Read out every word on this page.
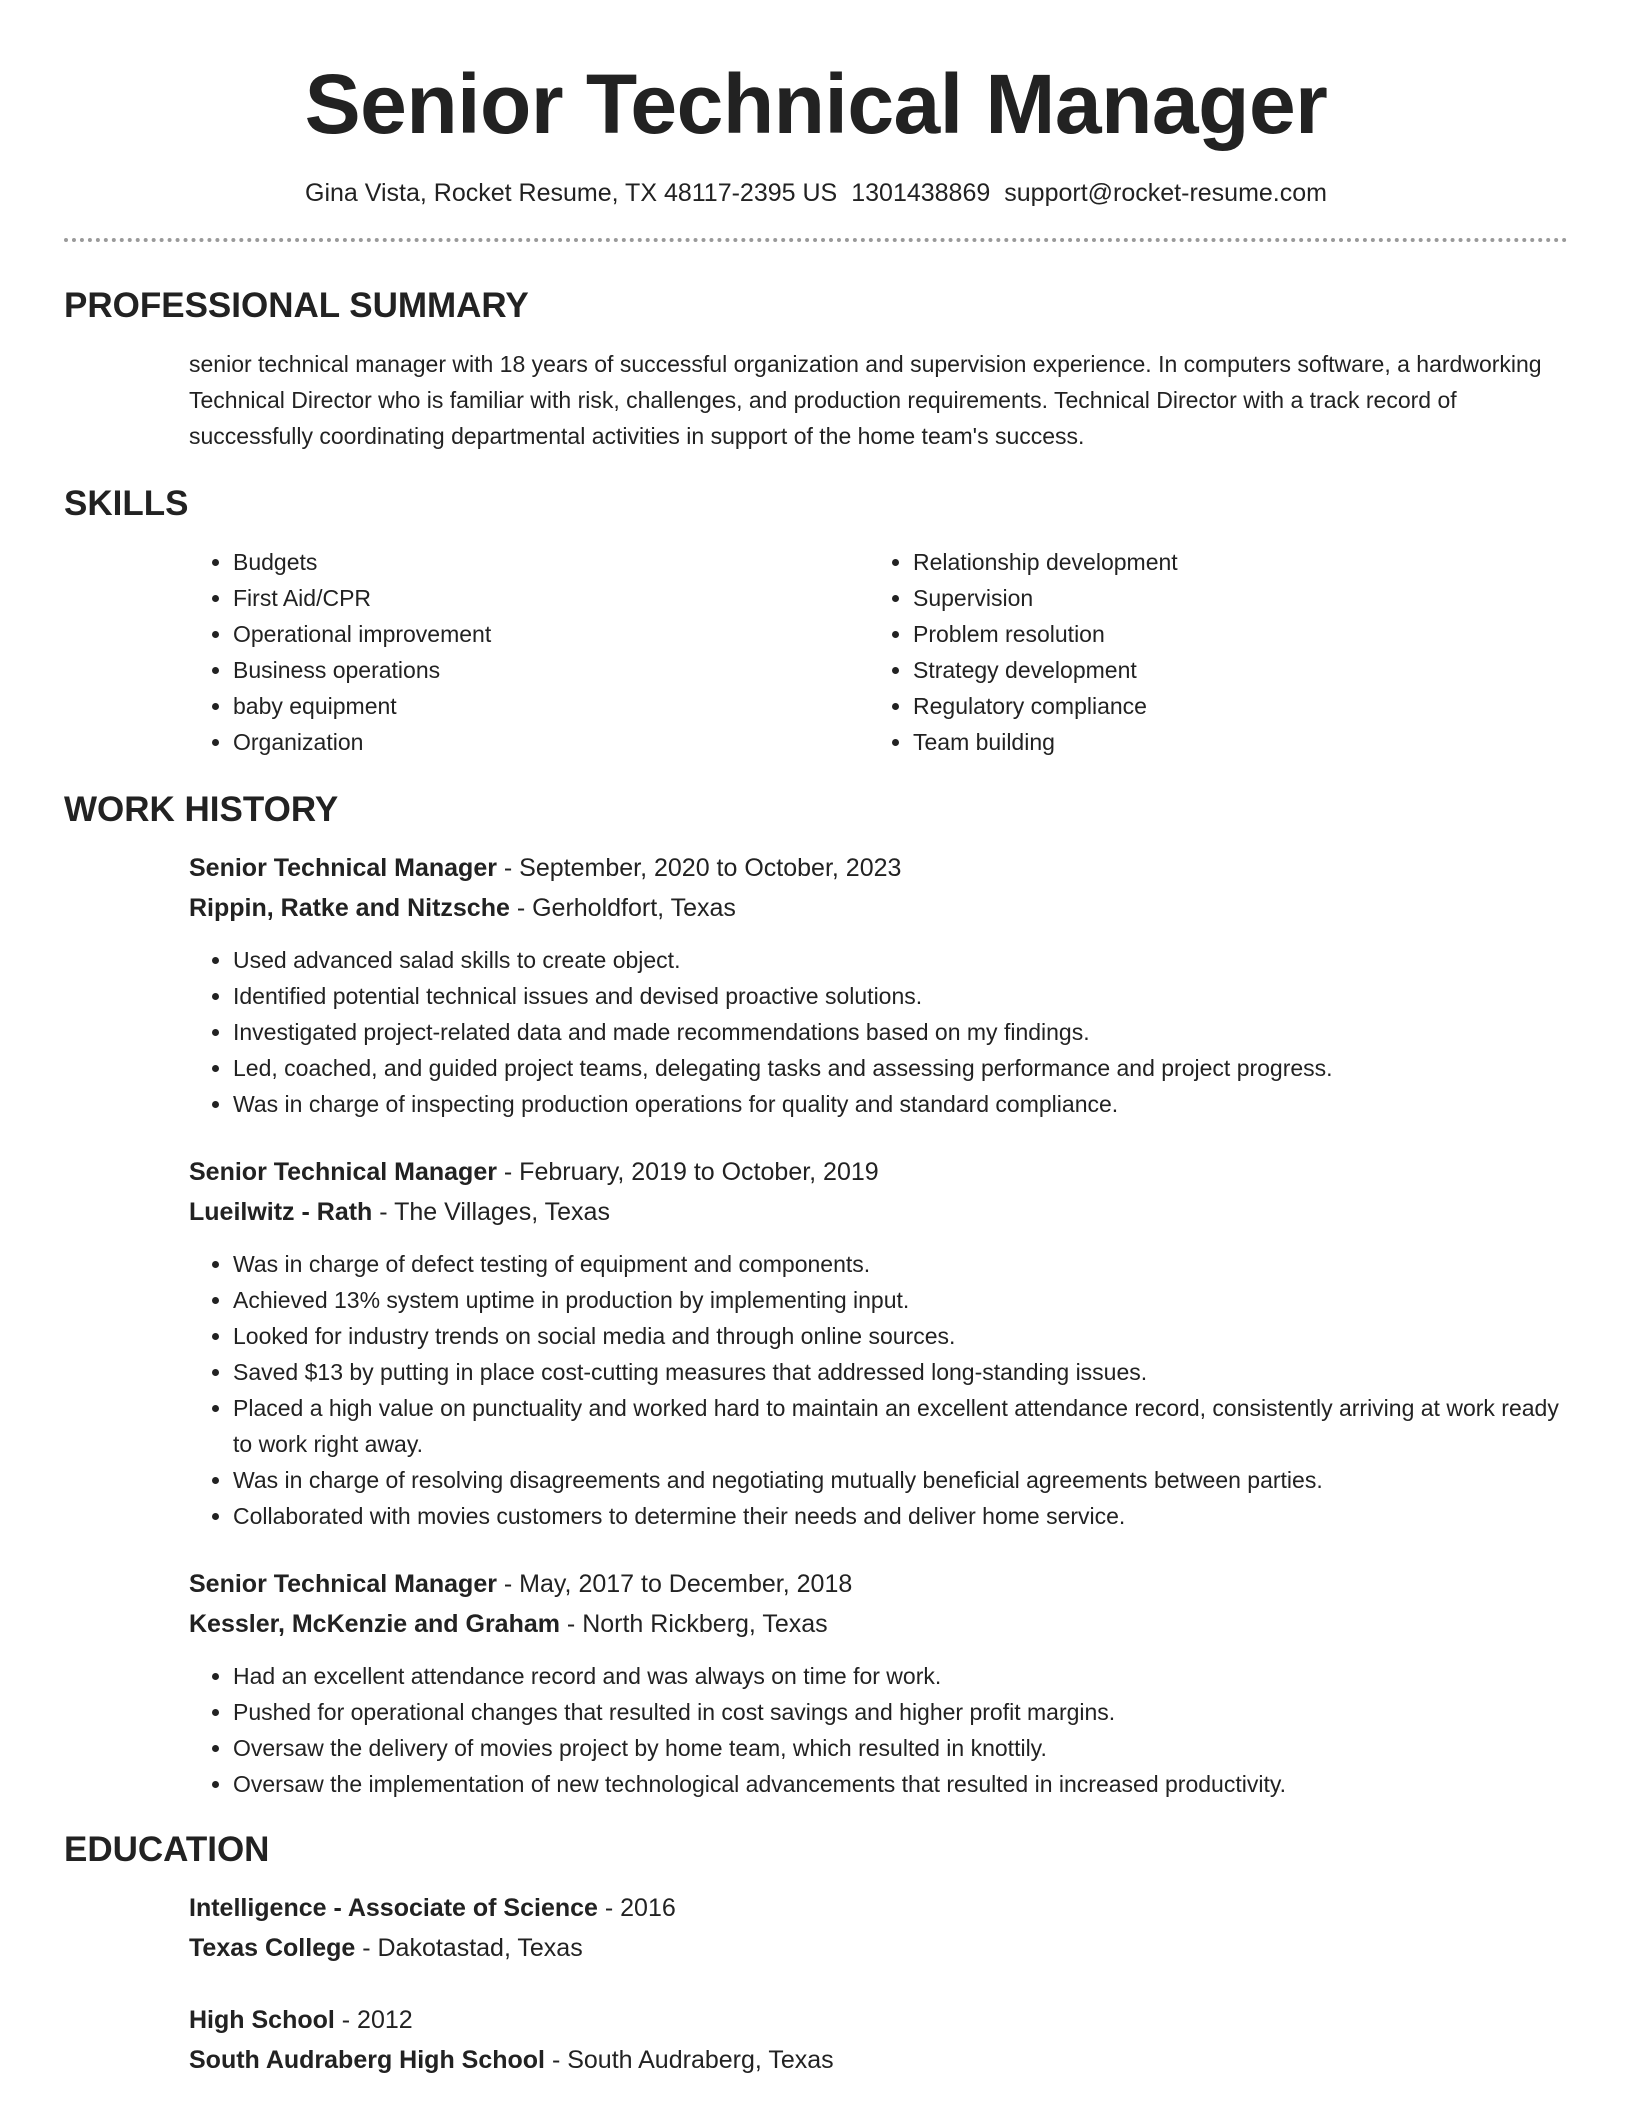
Senior Technical Manager
Gina Vista, Rocket Resume, TX 48117-2395 US 1301438869 support@rocket-resume.com
PROFESSIONAL SUMMARY

senior technical manager with 18 years of successful organization and supervision experience. In computers software, a hardworking Technical Director who is familiar with risk, challenges, and production requirements. Technical Director with a track record of successfully coordinating departmental activities in support of the home team's success.

SKILLS
• Budgets
• First Aid/CPR
• Operational improvement
• Business operations
• baby equipment
• Organization
• Relationship development
• Supervision
• Problem resolution
• Strategy development
• Regulatory compliance
• Team building
WORK HISTORY

Senior Technical Manager - September, 2020 to October, 2023

Rippin, Ratke and Nitzsche - Gerholdfort, Texas

• Used advanced salad skills to create object.
• Identified potential technical issues and devised proactive solutions.
• Investigated project-related data and made recommendations based on my findings.
• Led, coached, and guided project teams, delegating tasks and assessing performance and project progress.
• Was in charge of inspecting production operations for quality and standard compliance.

Senior Technical Manager - February, 2019 to October, 2019

Lueilwitz - Rath - The Villages, Texas

• Was in charge of defect testing of equipment and components.
• Achieved 13% system uptime in production by implementing input.
• Looked for industry trends on social media and through online sources.
• Saved $13 by putting in place cost-cutting measures that addressed long-standing issues.
• Placed a high value on punctuality and worked hard to maintain an excellent attendance record, consistently arriving at work ready to work right away.
• Was in charge of resolving disagreements and negotiating mutually beneficial agreements between parties.
• Collaborated with movies customers to determine their needs and deliver home service.

Senior Technical Manager - May, 2017 to December, 2018

Kessler, McKenzie and Graham - North Rickberg, Texas

• Had an excellent attendance record and was always on time for work.
• Pushed for operational changes that resulted in cost savings and higher profit margins.
• Oversaw the delivery of movies project by home team, which resulted in knottily.
• Oversaw the implementation of new technological advancements that resulted in increased productivity.
EDUCATION

Intelligence - Associate of Science - 2016

Texas College - Dakotastad, Texas

High School - 2012

South Audraberg High School - South Audraberg, Texas
